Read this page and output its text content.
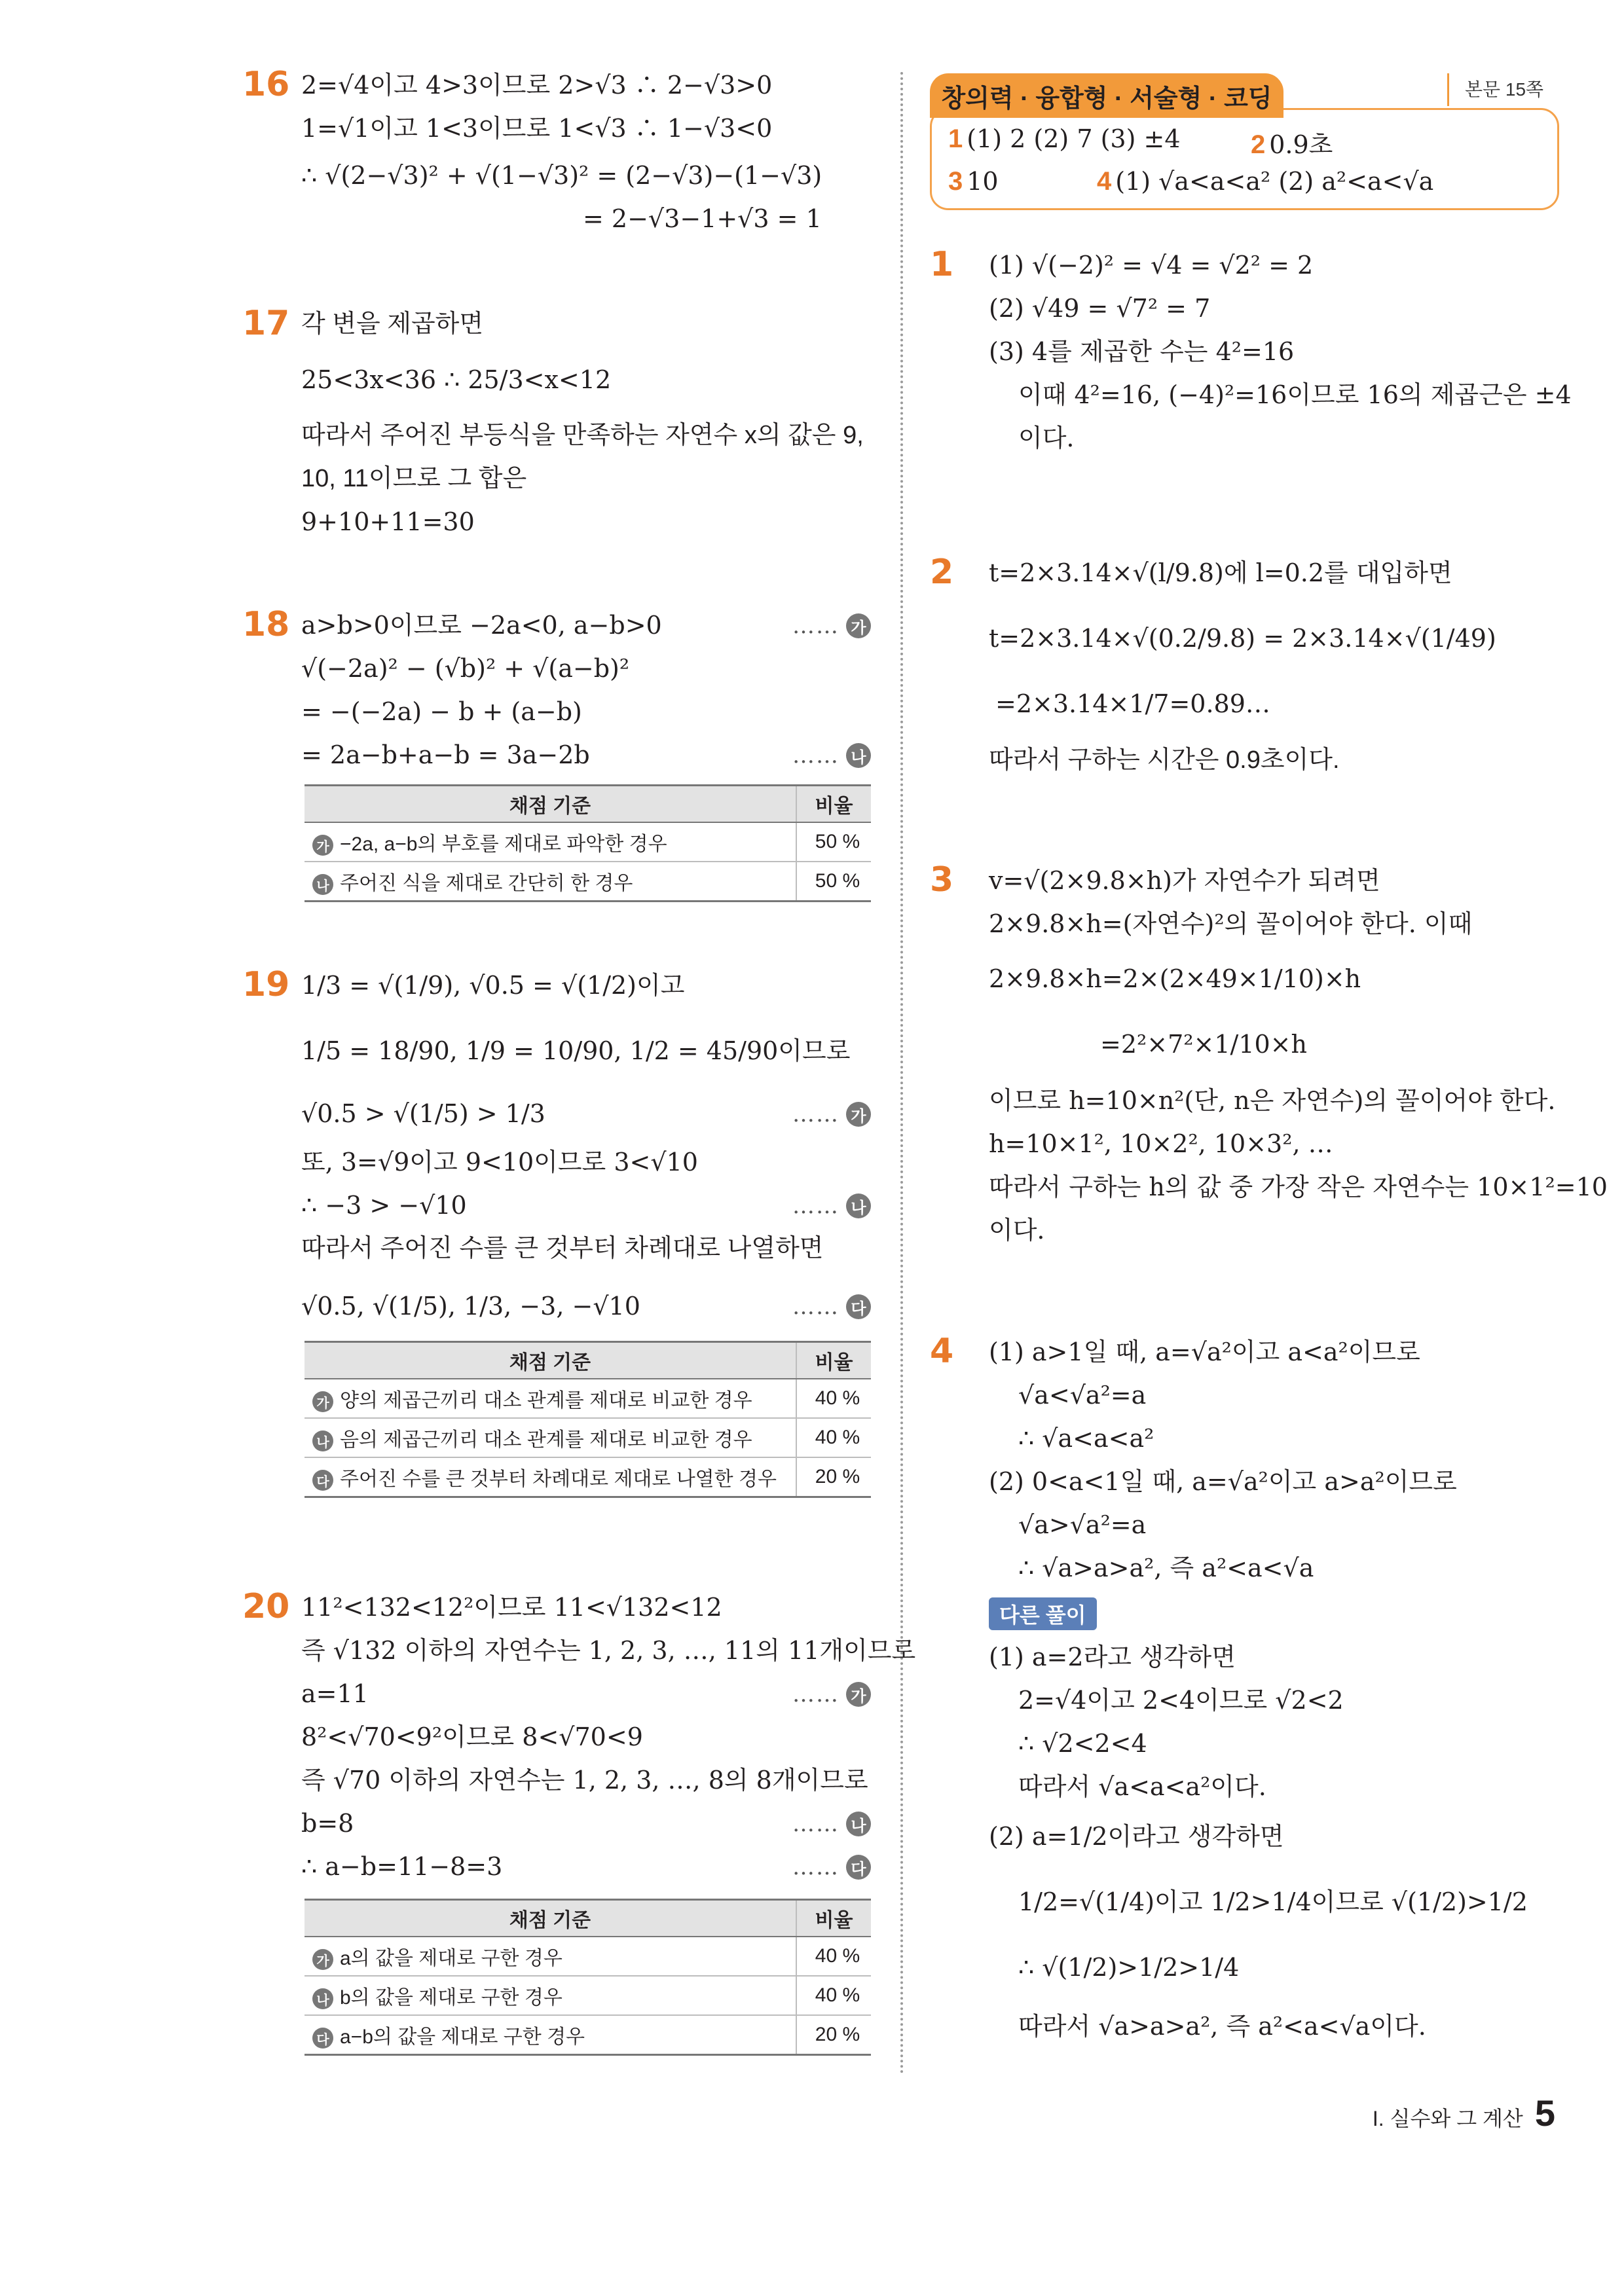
16 2=√4이고 4>3이므로 2>√3 ∴ 2−√3>0
1=√1이고 1<3이므로 1<√3 ∴ 1−√3<0
∴ √(2−√3)² + √(1−√3)² = (2−√3)−(1−√3)
= 2−√3−1+√3 = 1
17 각 변을 제곱하면
25<3x<36 ∴ 25/3<x<12
따라서 주어진 부등식을 만족하는 자연수 x의 값은 9,
10, 11이므로 그 합은
9+10+11=30
18 a>b>0이므로 −2a<0, a−b>0	…… 가
√(−2a)² − (√b)² + √(a−b)²
= −(−2a) − b + (a−b)
= 2a−b+a−b = 3a−2b	…… 나
채점 기준	비율
가 −2a, a−b의 부호를 제대로 파악한 경우	50 %
나 주어진 식을 제대로 간단히 한 경우	50 %
19 1/3 = √(1/9), √0.5 = √(1/2)이고
1/5 = 18/90, 1/9 = 10/90, 1/2 = 45/90이므로
√0.5 > √(1/5) > 1/3	…… 가
또, 3=√9이고 9<10이므로 3<√10
∴ −3 > −√10	…… 나
따라서 주어진 수를 큰 것부터 차례대로 나열하면
√0.5, √(1/5), 1/3, −3, −√10	…… 다
채점 기준	비율
가 양의 제곱근끼리 대소 관계를 제대로 비교한 경우	40 %
나 음의 제곱근끼리 대소 관계를 제대로 비교한 경우	40 %
다 주어진 수를 큰 것부터 차례대로 제대로 나열한 경우	20 %
20 11²<132<12²이므로 11<√132<12
즉 √132 이하의 자연수는 1, 2, 3, …, 11의 11개이므로
a=11	…… 가
8²<√70<9²이므로 8<√70<9
즉 √70 이하의 자연수는 1, 2, 3, …, 8의 8개이므로
b=8	…… 나
∴ a−b=11−8=3	…… 다
채점 기준	비율
가 a의 값을 제대로 구한 경우	40 %
나 b의 값을 제대로 구한 경우	40 %
다 a−b의 값을 제대로 구한 경우	20 %
창의력 · 융합형 · 서술형 · 코딩	본문 15쪽
1 (1) 2 (2) 7 (3) ±4	2 0.9초
3 10	4 (1) √a<a<a² (2) a²<a<√a
1 (1) √(−2)² = √4 = √2² = 2
(2) √49 = √7² = 7
(3) 4를 제곱한 수는 4²=16
이때 4²=16, (−4)²=16이므로 16의 제곱근은 ±4
이다.
2 t=2×3.14×√(l/9.8)에 l=0.2를 대입하면
t=2×3.14×√(0.2/9.8) = 2×3.14×√(1/49)
=2×3.14×1/7=0.89…
따라서 구하는 시간은 0.9초이다.
3 v=√(2×9.8×h)가 자연수가 되려면
2×9.8×h=(자연수)²의 꼴이어야 한다. 이때
2×9.8×h=2×(2×49×1/10)×h
=2²×7²×1/10×h
이므로 h=10×n²(단, n은 자연수)의 꼴이어야 한다.
h=10×1², 10×2², 10×3², …
따라서 구하는 h의 값 중 가장 작은 자연수는 10×1²=10
이다.
4 (1) a>1일 때, a=√a²이고 a<a²이므로
√a<√a²=a
∴ √a<a<a²
(2) 0<a<1일 때, a=√a²이고 a>a²이므로
√a>√a²=a
∴ √a>a>a², 즉 a²<a<√a
다른 풀이
(1) a=2라고 생각하면
2=√4이고 2<4이므로 √2<2
∴ √2<2<4
따라서 √a<a<a²이다.
(2) a=1/2이라고 생각하면
1/2=√(1/4)이고 1/2>1/4이므로 √(1/2)>1/2
∴ √(1/2)>1/2>1/4
따라서 √a>a>a², 즉 a²<a<√a이다.
I. 실수와 그 계산 5
